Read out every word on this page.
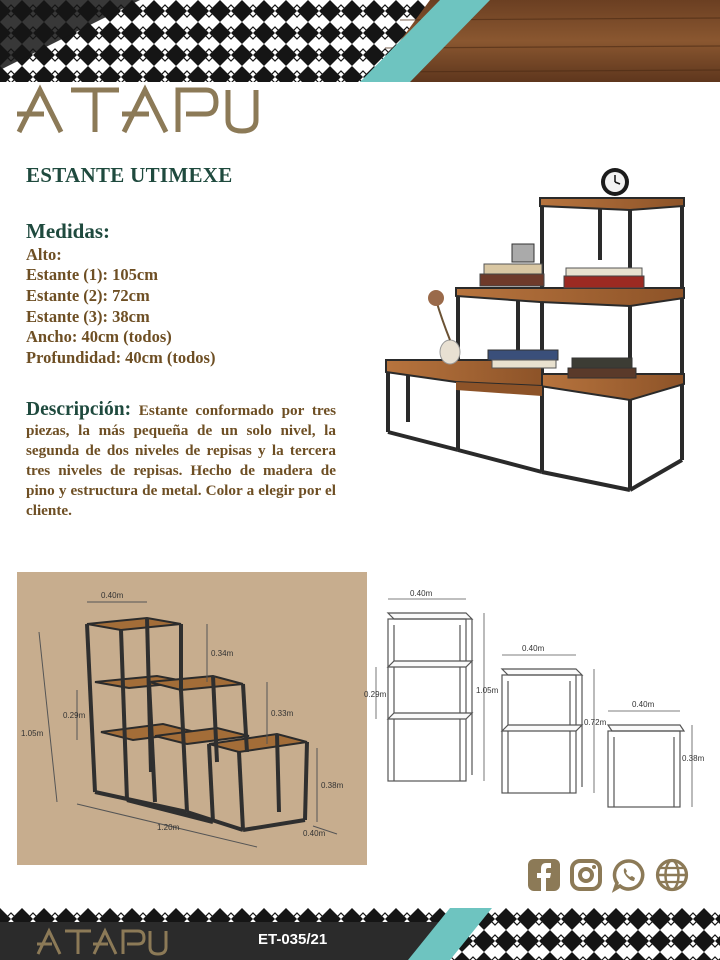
ESTANTE UTIMEXE
Medidas:
Alto:
Estante (1): 105cm
Estante (2): 72cm
Estante (3): 38cm
Ancho: 40cm (todos)
Profundidad: 40cm (todos)
Descripción: Estante conformado por tres piezas, la más pequeña de un solo nivel, la segunda de dos niveles de repisas y la tercera tres niveles de repisas. Hecho de madera de pino y estructura de metal. Color a elegir por el cliente.
0.40m
0.34m
1.05m
0.29m	0.33m
0.38m
0.40m
1.20m
0.40m
1.05m
0.29m
0.40m
0.72m
0.40m
0.38m
ET-035/21
